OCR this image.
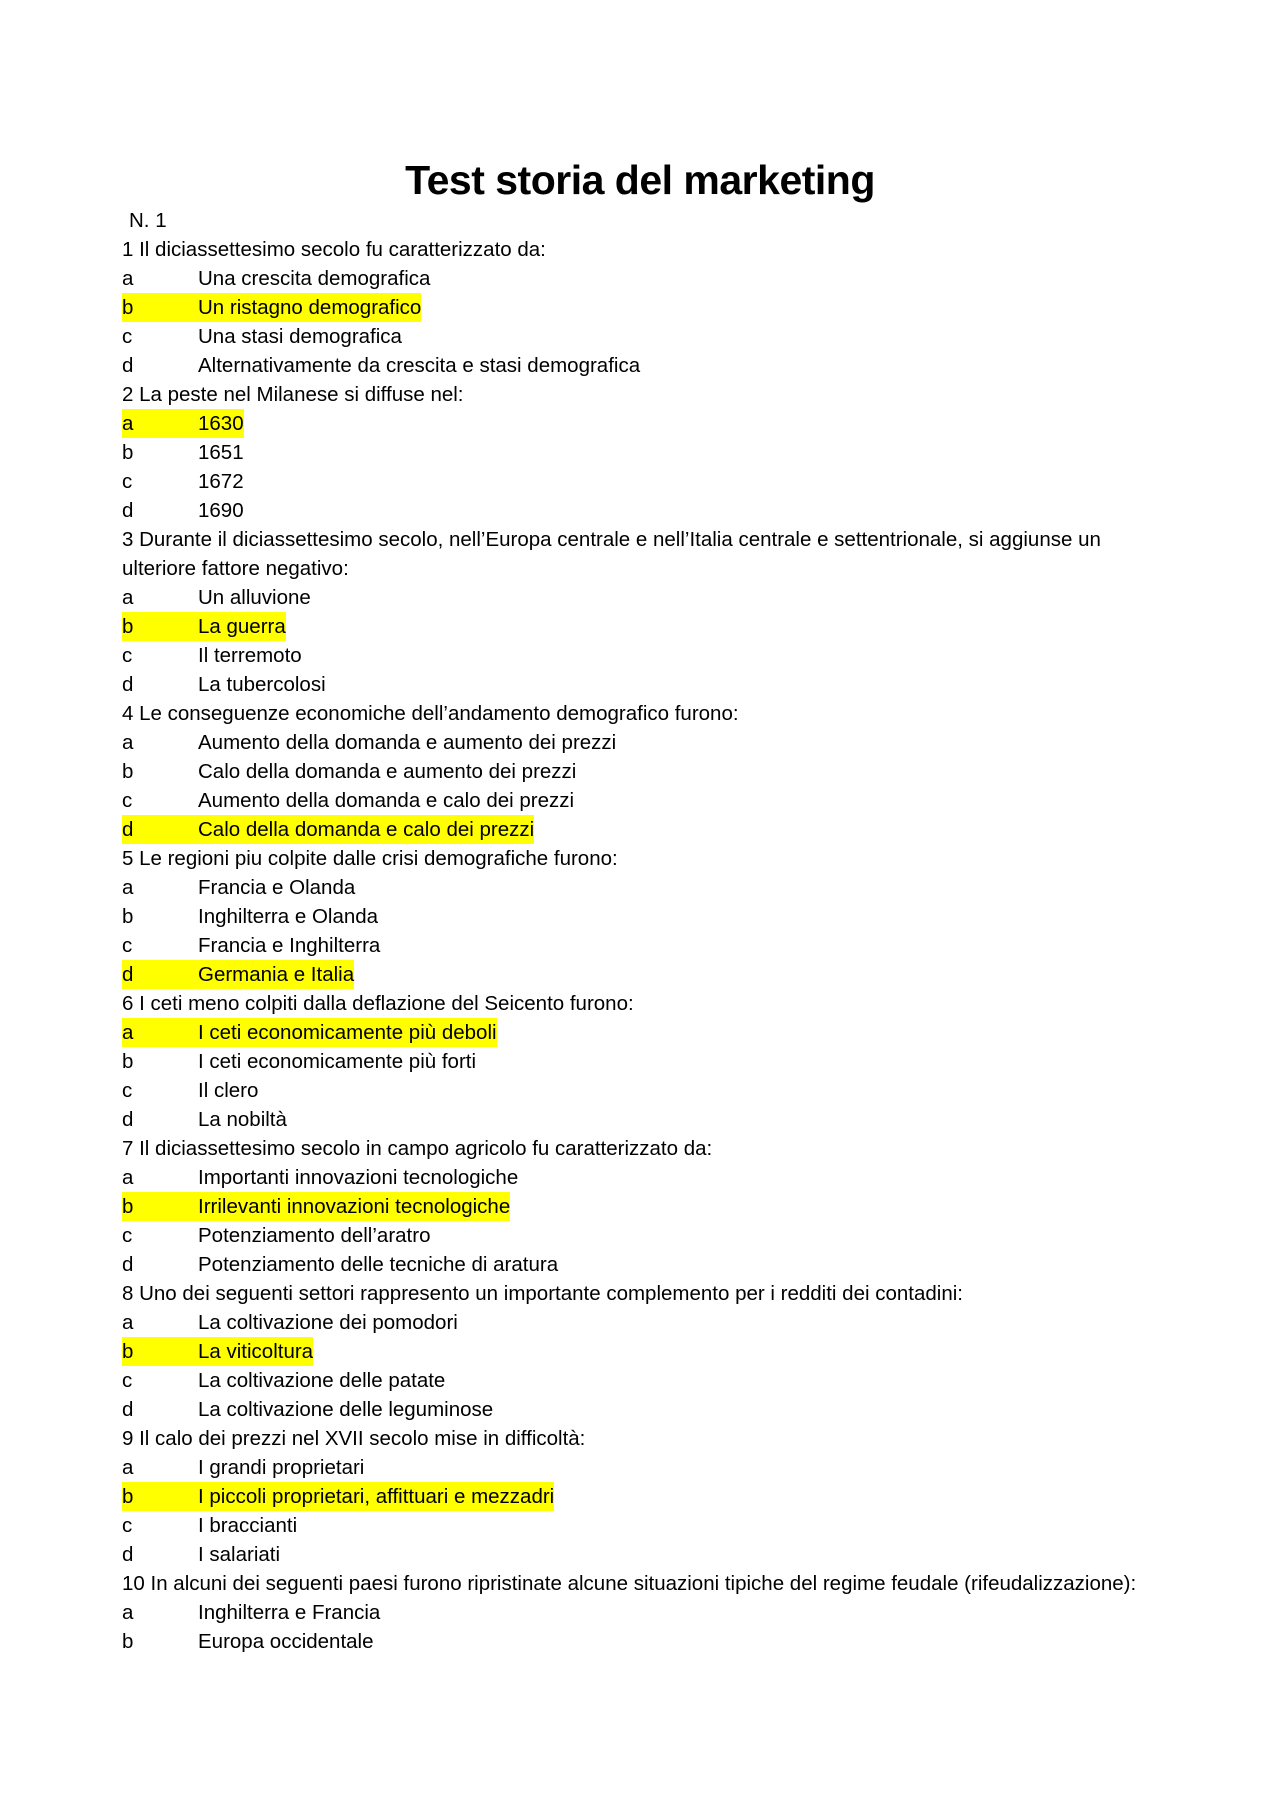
Test storia del marketing
N. 1
1 Il diciassettesimo secolo fu caratterizzato da:
a	Una crescita demografica
b	Un ristagno demografico
c	Una stasi demografica
d	Alternativamente da crescita e stasi demografica
2 La peste nel Milanese si diffuse nel:
a	1630
b	1651
c	1672
d	1690
3 Durante il diciassettesimo secolo, nell’Europa centrale e nell’Italia centrale e settentrionale, si aggiunse un ulteriore fattore negativo:
a	Un alluvione
b	La guerra
c	Il terremoto
d	La tubercolosi
4 Le conseguenze economiche dell’andamento demografico furono:
a	Aumento della domanda e aumento dei prezzi
b	Calo della domanda e aumento dei prezzi
c	Aumento della domanda e calo dei prezzi
d	Calo della domanda e calo dei prezzi
5 Le regioni piu colpite dalle crisi demografiche furono:
a	Francia e Olanda
b	Inghilterra e Olanda
c	Francia e Inghilterra
d	Germania e Italia
6 I ceti meno colpiti dalla deflazione del Seicento furono:
a	I ceti economicamente più deboli
b	I ceti economicamente più forti
c	Il clero
d	La nobiltà
7 Il diciassettesimo secolo in campo agricolo fu caratterizzato da:
a	Importanti innovazioni tecnologiche
b	Irrilevanti innovazioni tecnologiche
c	Potenziamento dell’aratro
d	Potenziamento delle tecniche di aratura
8 Uno dei seguenti settori rappresento un importante complemento per i redditi dei contadini:
a	La coltivazione dei pomodori
b	La viticoltura
c	La coltivazione delle patate
d	La coltivazione delle leguminose
9 Il calo dei prezzi nel XVII secolo mise in difficoltà:
a	I grandi proprietari
b	I piccoli proprietari, affittuari e mezzadri
c	I braccianti
d	I salariati
10 In alcuni dei seguenti paesi furono ripristinate alcune situazioni tipiche del regime feudale (rifeudalizzazione):
a	Inghilterra e Francia
b	Europa occidentale
